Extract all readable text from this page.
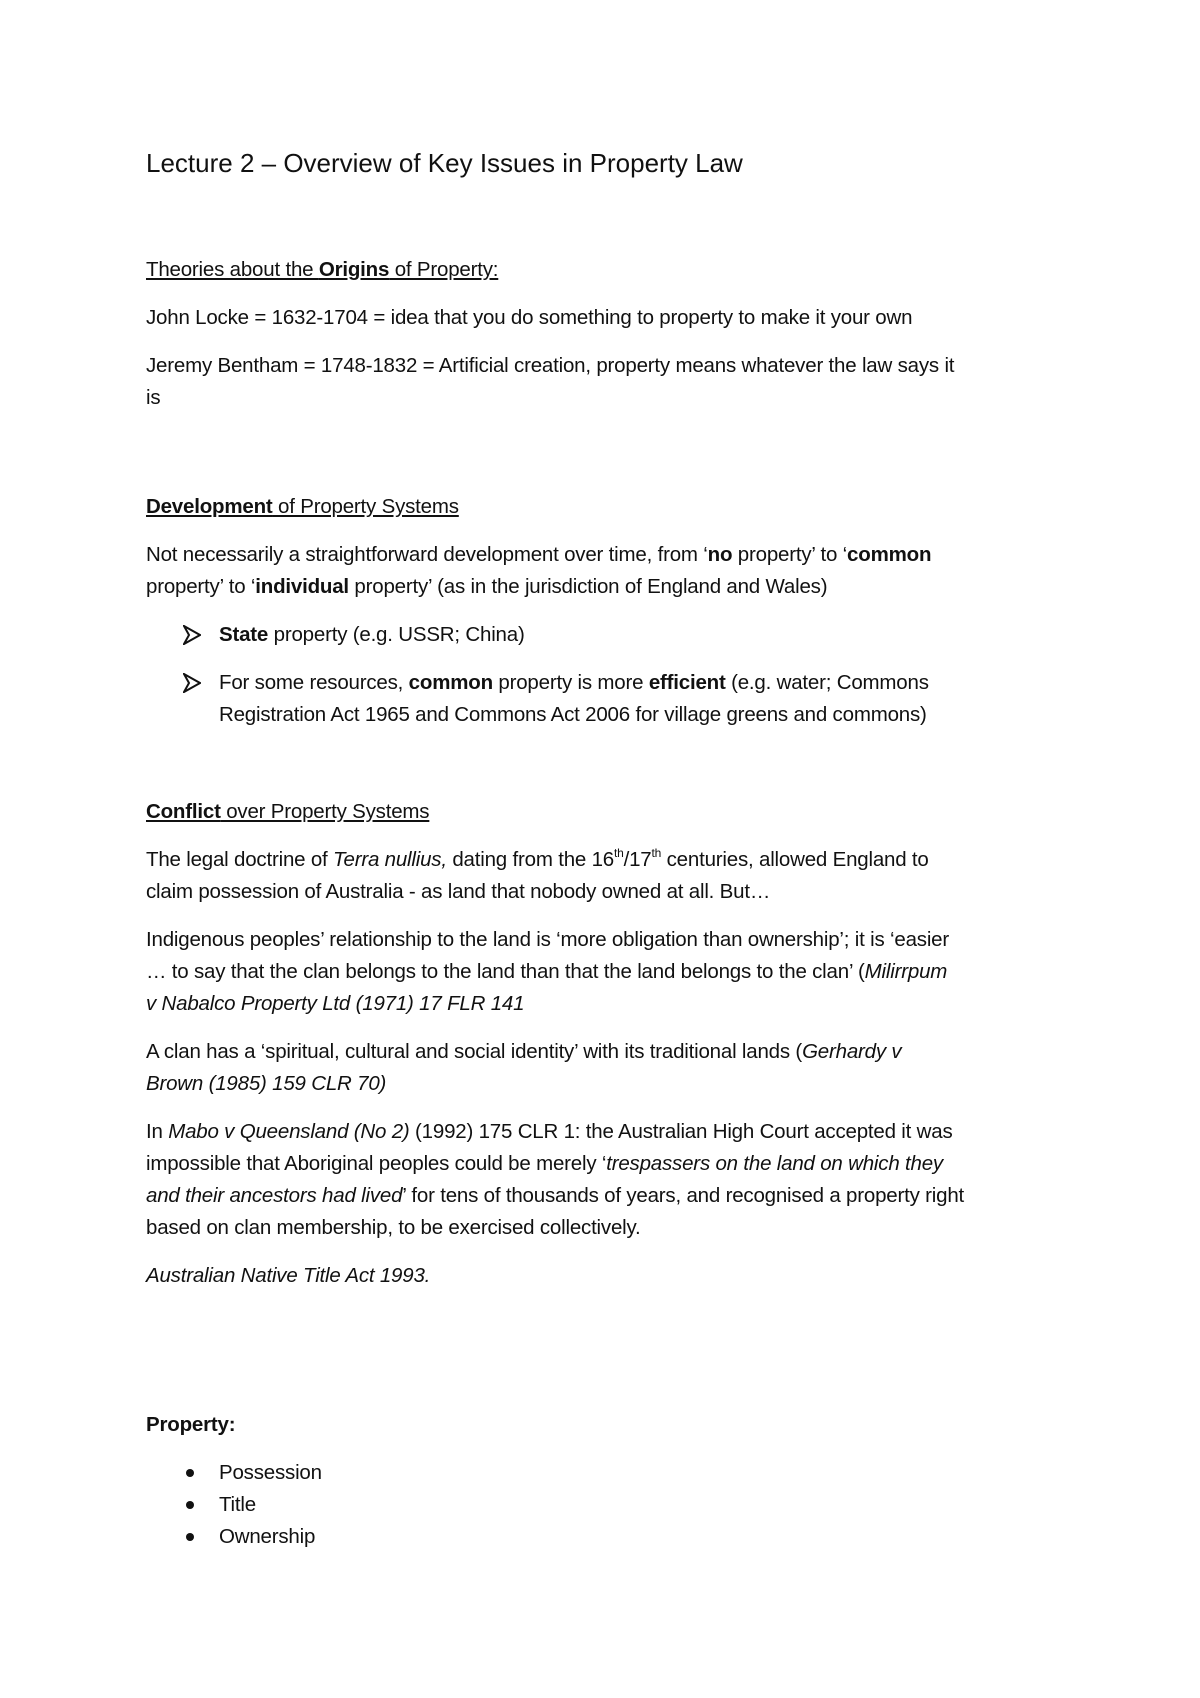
Lecture 2 – Overview of Key Issues in Property Law

Theories about the Origins of Property:

John Locke = 1632-1704 = idea that you do something to property to make it your own

Jeremy Bentham = 1748-1832 = Artificial creation, property means whatever the law says it
is

Development of Property Systems

Not necessarily a straightforward development over time, from ‘no property’ to ‘common
property’ to ‘individual property’ (as in the jurisdiction of England and Wales)

State property (e.g. USSR; China)
For some resources, common property is more efficient (e.g. water; Commons
Registration Act 1965 and Commons Act 2006 for village greens and commons)

Conflict over Property Systems

The legal doctrine of Terra nullius, dating from the 16th/17th centuries, allowed England to
claim possession of Australia - as land that nobody owned at all. But…

Indigenous peoples’ relationship to the land is ‘more obligation than ownership’; it is ‘easier
… to say that the clan belongs to the land than that the land belongs to the clan’ (Milirrpum
v Nabalco Property Ltd (1971) 17 FLR 141

A clan has a ‘spiritual, cultural and social identity’ with its traditional lands (Gerhardy v
Brown (1985) 159 CLR 70)

In Mabo v Queensland (No 2) (1992) 175 CLR 1: the Australian High Court accepted it was
impossible that Aboriginal peoples could be merely ‘trespassers on the land on which they
and their ancestors had lived’ for tens of thousands of years, and recognised a property right
based on clan membership, to be exercised collectively.

Australian Native Title Act 1993.

Property:

Possession
Title
Ownership
